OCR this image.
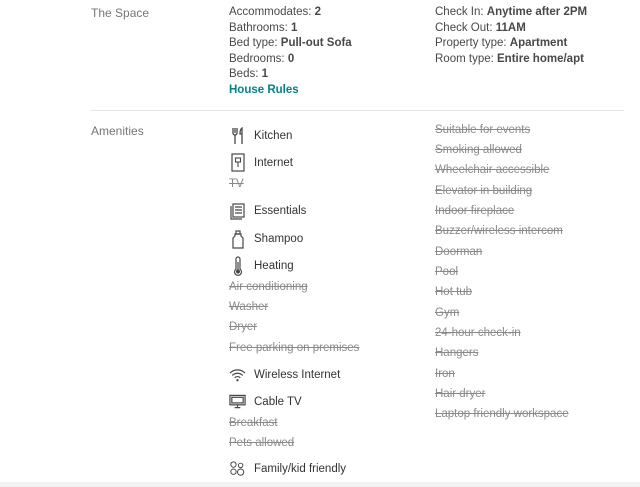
The Space	Accommodates: 2
Bathrooms: 1
Bed type: Pull-out Sofa
Bedrooms: 0
Beds: 1
House Rules
Check In: Anytime after 2PM
Check Out: 11AM
Property type: Apartment
Room type: Entire home/apt
Amenities	Kitchen
Internet
TV
Essentials
Shampoo
Heating
Air conditioning
Washer
Dryer
Free parking on premises
Wireless Internet
Cable TV
Breakfast
Pets allowed
Family/kid friendly
Suitable for events
Smoking allowed
Wheelchair accessible
Elevator in building
Indoor fireplace
Buzzer/wireless intercom
Doorman
Pool
Hot tub
Gym
24-hour check-in
Hangers
Iron
Hair dryer
Laptop friendly workspace
